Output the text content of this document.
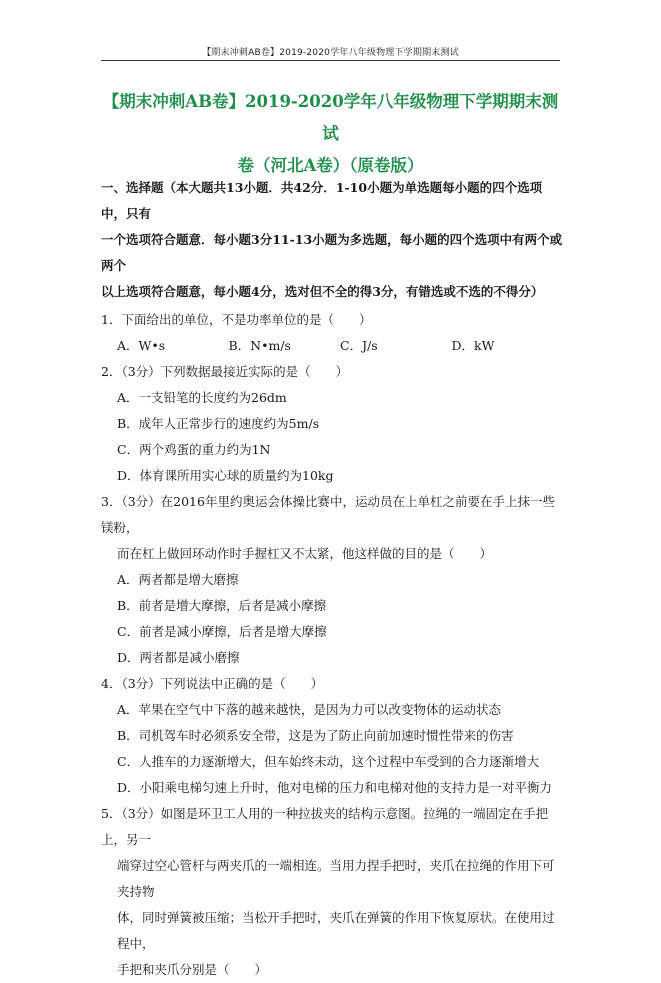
【期末冲刺AB卷】2019-2020学年八年级物理下学期期末测试
【期末冲刺AB卷】2019-2020学年八年级物理下学期期末测试
卷（河北A卷）（原卷版）
一、选择题（本大题共13小题．共42分．1-10小题为单选题每小题的四个选项中，只有
一个选项符合题意．每小题3分11-13小题为多选题，每小题的四个选项中有两个或两个
以上选项符合题意，每小题4分，选对但不全的得3分，有错选或不选的不得分）
1．下面给出的单位，不是功率单位的是（　　）
A．W•s	B．N•m/s	C．J/s	D．kW
2．（3分）下列数据最接近实际的是（　　）
A．一支铅笔的长度约为26dm
B．成年人正常步行的速度约为5m/s
C．两个鸡蛋的重力约为1N
D．体育课所用实心球的质量约为10kg
3．（3分）在2016年里约奥运会体操比赛中，运动员在上单杠之前要在手上抹一些镁粉，
而在杠上做回环动作时手握杠又不太紧，他这样做的目的是（　　）
A．两者都是增大磨擦
B．前者是增大摩擦，后者是减小摩擦
C．前者是减小摩擦，后者是增大摩擦
D．两者都是减小磨擦
4．（3分）下列说法中正确的是（　　）
A．苹果在空气中下落的越来越快，是因为力可以改变物体的运动状态
B．司机驾车时必须系安全带，这是为了防止向前加速时惯性带来的伤害
C．人推车的力逐渐增大，但车始终未动，这个过程中车受到的合力逐渐增大
D．小阳乘电梯匀速上升时，他对电梯的压力和电梯对他的支持力是一对平衡力
5．（3分）如图是环卫工人用的一种拉拔夹的结构示意图。拉绳的一端固定在手把上，另一
端穿过空心管杆与两夹爪的一端相连。当用力捏手把时，夹爪在拉绳的作用下可夹持物
体，同时弹簧被压缩；当松开手把时，夹爪在弹簧的作用下恢复原状。在使用过程中，
手把和夹爪分别是（　　）
